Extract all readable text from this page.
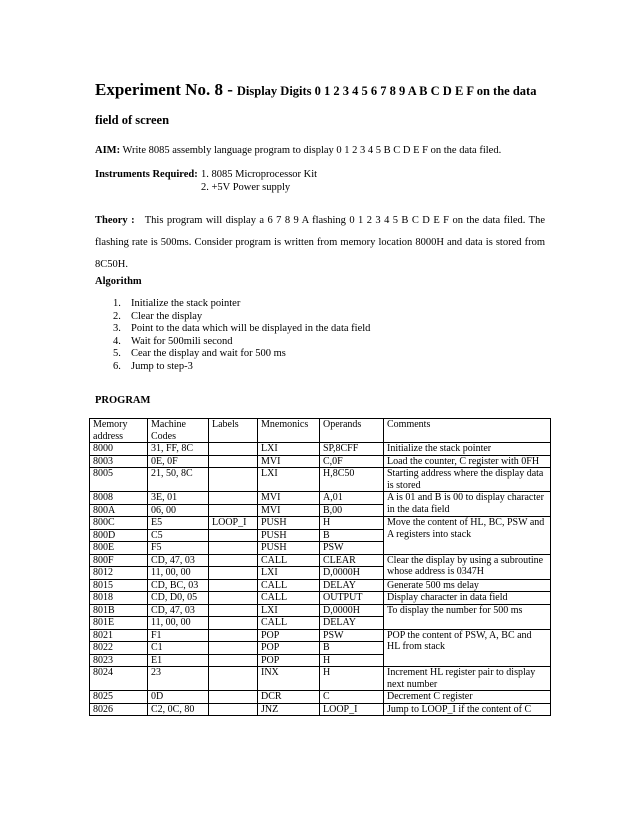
Experiment No. 8 - Display Digits 0 1 2 3 4 5 6 7 8 9 A B C D E F on the data
field of screen
AIM: Write 8085 assembly language program to display 0 1 2 3 4 5 B C D E F on the data filed.
Instruments Required: 1. 8085 Microprocessor Kit
2. +5V Power supply
Theory : This program will display a 6 7 8 9 A flashing 0 1 2 3 4 5 B C D E F on the data filed. The flashing rate is 500ms. Consider program is written from memory location 8000H and data is stored from 8C50H.
Algorithm
1. Initialize the stack pointer
2. Clear the display
3. Point to the data which will be displayed in the data field
4. Wait for 500mili second
5. Cear the display and wait for 500 ms
6. Jump to step-3
PROGRAM
Memory address	Machine Codes	Labels	Mnemonics	Operands	Comments
8000	31, FF, 8C		LXI	SP,8CFF	Initialize the stack pointer
8003	0E, 0F		MVI	C,0F	Load the counter, C register with 0FH
8005	21, 50, 8C		LXI	H,8C50	Starting address where the display data is stored
8008	3E, 01		MVI	A,01	A is 01 and B is 00 to display character in the data field
800A	06, 00		MVI	B,00	
800C	E5	LOOP_I	PUSH	H	Move the content of HL, BC, PSW and A registers into stack
800D	C5		PUSH	B	
800E	F5		PUSH	PSW	
800F	CD, 47, 03		CALL	CLEAR	Clear the display by using a subroutine whose address is 0347H
8012	11, 00, 00		LXI	D,0000H	
8015	CD, BC, 03		CALL	DELAY	Generate 500 ms delay
8018	CD, D0, 05		CALL	OUTPUT	Display character in data field
801B	CD, 47, 03		LXI	D,0000H	To display the number for 500 ms
801E	11, 00, 00		CALL	DELAY	
8021	F1		POP	PSW	POP the content of PSW, A, BC and HL from stack
8022	C1		POP	B	
8023	E1		POP	H	
8024	23		INX	H	Increment HL register pair to display next number
8025	0D		DCR	C	Decrement C register
8026	C2, 0C, 80		JNZ	LOOP_I	Jump to LOOP_I if the content of C
